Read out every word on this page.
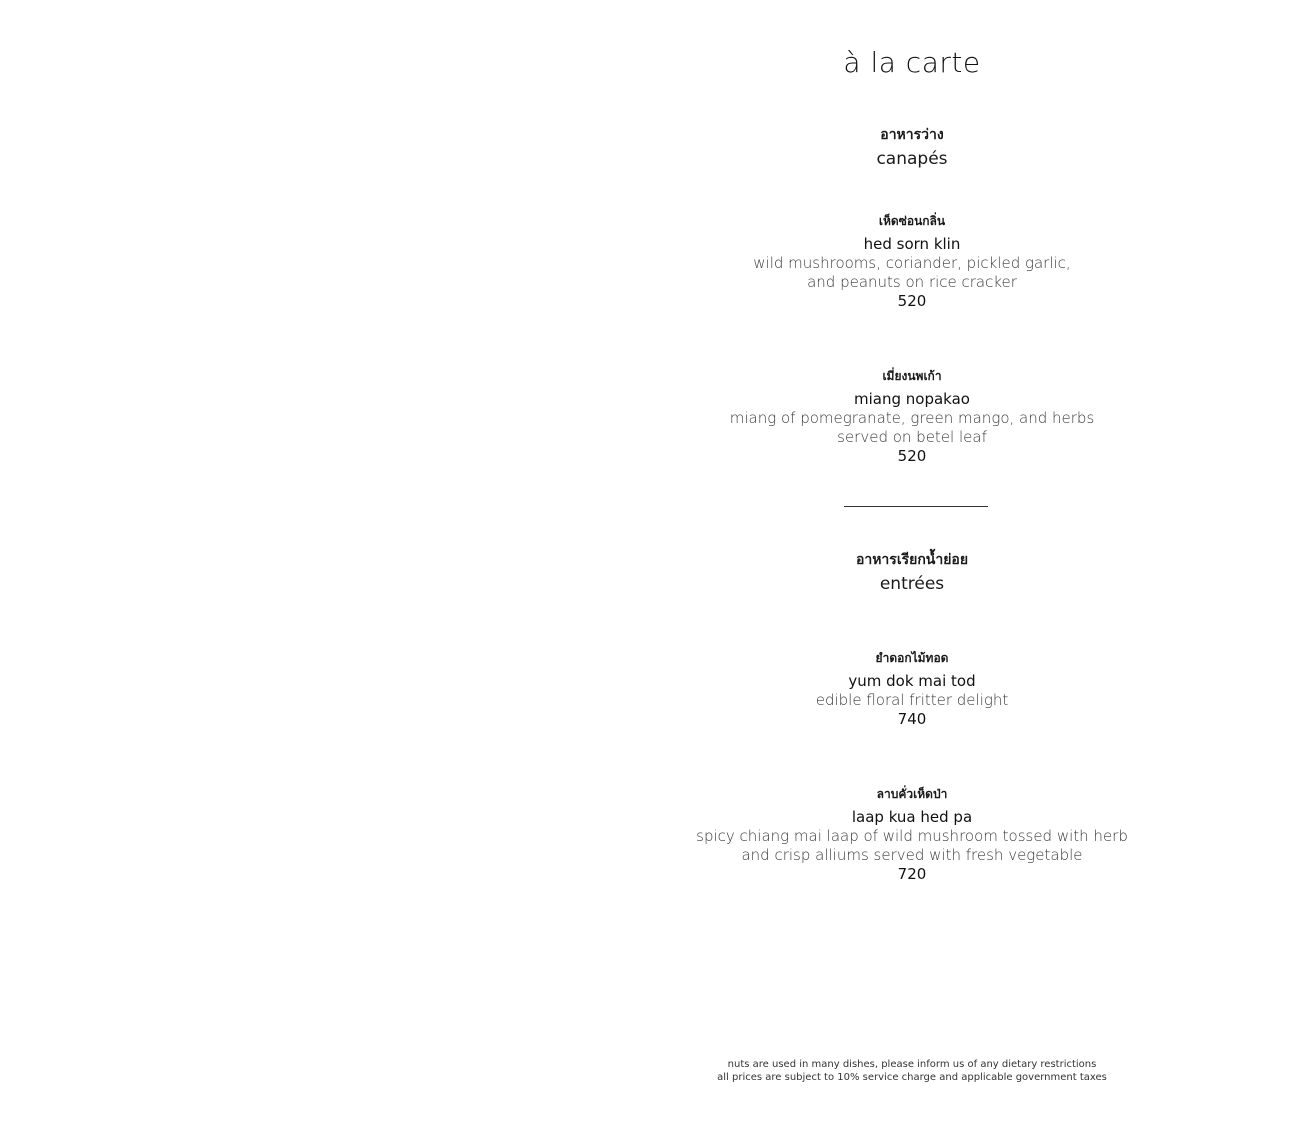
à la carte
อาหารว่าง
canapés
เห็ดซ่อนกลิ่น
hed sorn klin
wild mushrooms, coriander, pickled garlic,
and peanuts on rice cracker
520
เมี่ยงนพเก้า
miang nopakao
miang of pomegranate, green mango, and herbs
served on betel leaf
520
อาหารเรียกน้ำย่อย
entrées
ยำดอกไม้ทอด
yum dok mai tod
edible floral fritter delight
740
ลาบคั่วเห็ดป่า
laap kua hed pa
spicy chiang mai laap of wild mushroom tossed with herb
and crisp alliums served with fresh vegetable
720
nuts are used in many dishes, please inform us of any dietary restrictions
all prices are subject to 10% service charge and applicable government taxes
